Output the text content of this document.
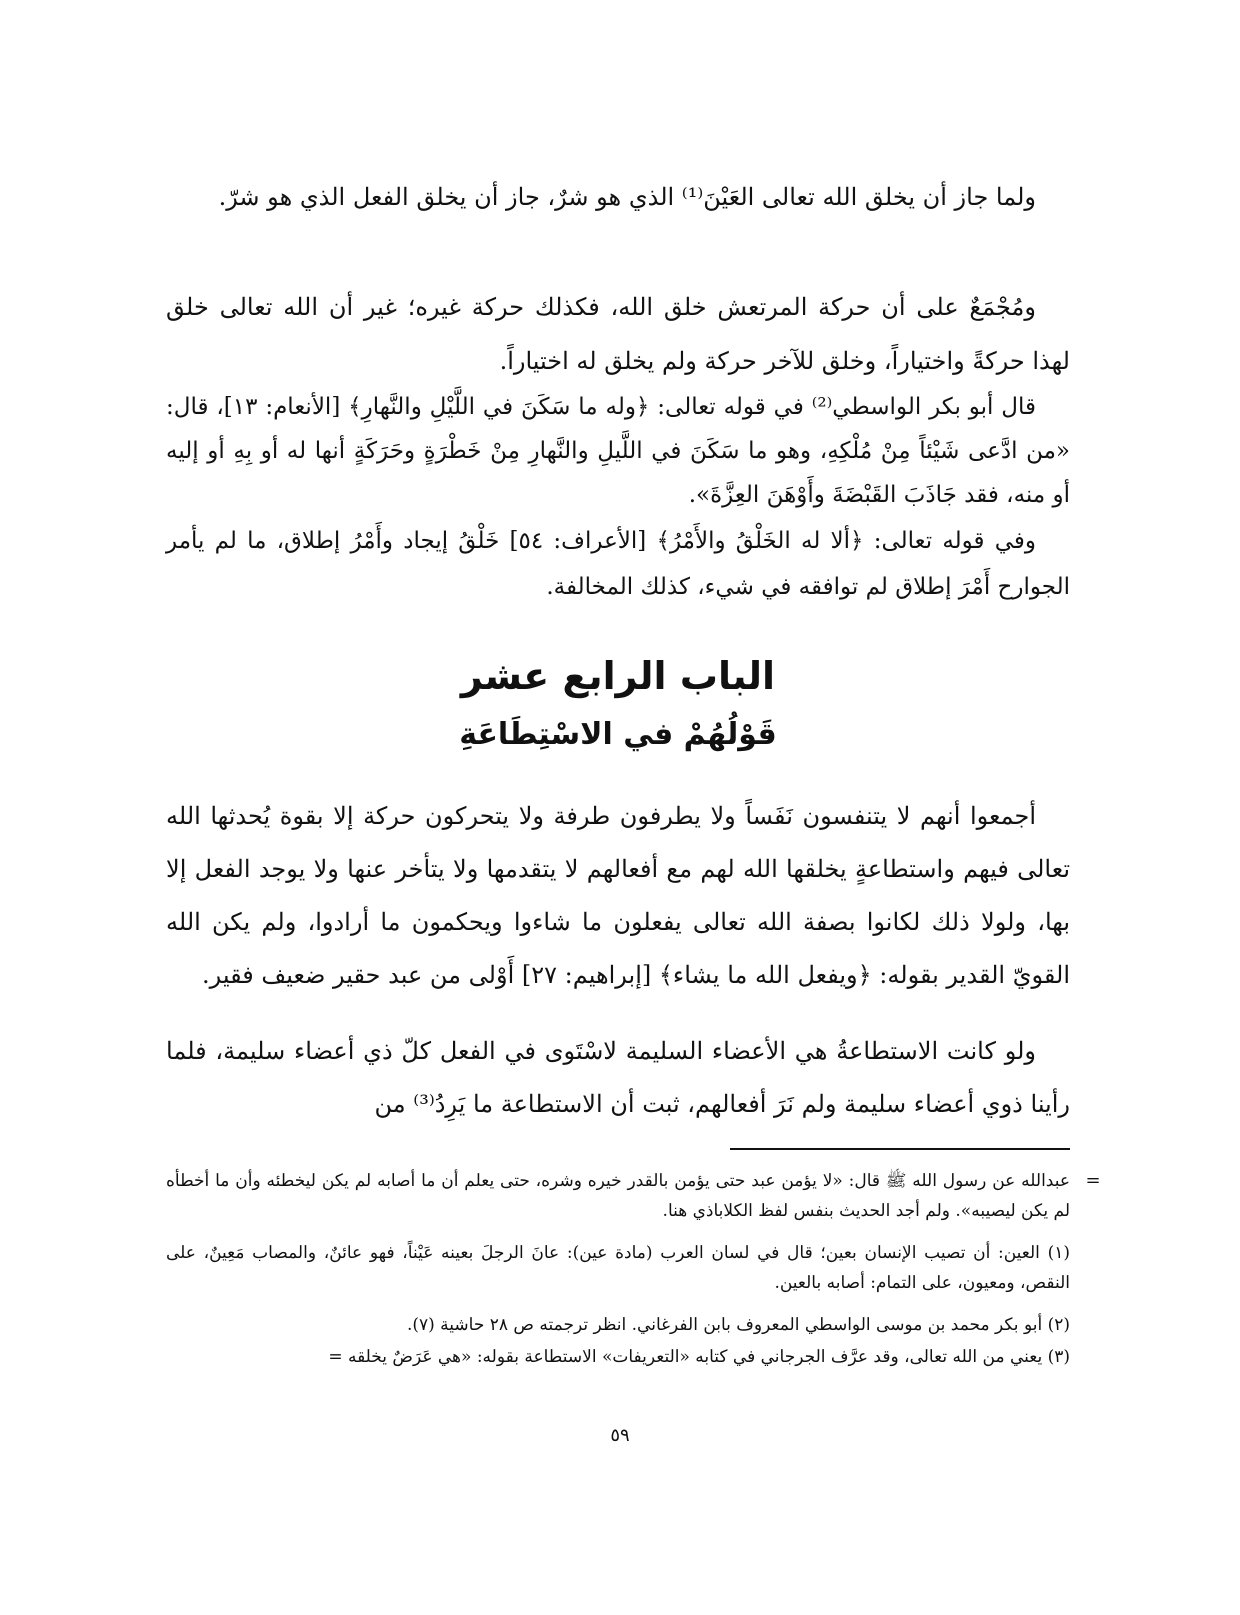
ولما جاز أن يخلق الله تعالى العَيْنَ⁽¹⁾ الذي هو شرٌ، جاز أن يخلق الفعل الذي هو شرّ.
ومُجْمَعٌ على أن حركة المرتعش خلق الله، فكذلك حركة غيره؛ غير أن الله تعالى خلق لهذا حركةً واختياراً، وخلق للآخر حركة ولم يخلق له اختياراً.
قال أبو بكر الواسطي⁽²⁾ في قوله تعالى: ﴿وله ما سَكَنَ في اللَّيْلِ والنَّهارِ﴾ [الأنعام: ١٣]، قال: «من ادَّعى شَيْئاً مِنْ مُلْكِهِ، وهو ما سَكَنَ في اللَّيلِ والنَّهارِ مِنْ خَطْرَةٍ وحَرَكَةٍ أنها له أو بِهِ أو إليه أو منه، فقد جَاذَبَ القَبْضَةَ وأَوْهَنَ العِزَّةَ».
وفي قوله تعالى: ﴿ألا له الخَلْقُ والأَمْرُ﴾ [الأعراف: ٥٤] خَلْقُ إيجاد وأَمْرُ إطلاق، ما لم يأمر الجوارح أَمْرَ إطلاق لم توافقه في شيء، كذلك المخالفة.
الباب الرابع عشر
قَوْلُهُمْ في الاسْتِطَاعَةِ
أجمعوا أنهم لا يتنفسون نَفَساً ولا يطرفون طرفة ولا يتحركون حركة إلا بقوة يُحدثها الله تعالى فيهم واستطاعةٍ يخلقها الله لهم مع أفعالهم لا يتقدمها ولا يتأخر عنها ولا يوجد الفعل إلا بها، ولولا ذلك لكانوا بصفة الله تعالى يفعلون ما شاءوا ويحكمون ما أرادوا، ولم يكن الله القويّ القدير بقوله: ﴿ويفعل الله ما يشاء﴾ [إبراهيم: ٢٧] أَوْلى من عبد حقير ضعيف فقير.
ولو كانت الاستطاعةُ هي الأعضاء السليمة لاسْتَوى في الفعل كلّ ذي أعضاء سليمة، فلما رأينا ذوي أعضاء سليمة ولم نَرَ أفعالهم، ثبت أن الاستطاعة ما يَرِدُ⁽³⁾ من
=
عبدالله عن رسول الله ﷺ قال: «لا يؤمن عبد حتى يؤمن بالقدر خيره وشره، حتى يعلم أن ما أصابه لم يكن ليخطئه وأن ما أخطأه لم يكن ليصيبه». ولم أجد الحديث بنفس لفظ الكلاباذي هنا.
(١) العين: أن تصيب الإنسان بعين؛ قال في لسان العرب (مادة عين): عانَ الرجلَ بعينه عَيْناً، فهو عائنٌ، والمصاب مَعِينٌ، على النقص، ومعيون، على التمام: أصابه بالعين.
(٢) أبو بكر محمد بن موسى الواسطي المعروف بابن الفرغاني. انظر ترجمته ص ٢٨ حاشية (٧).
(٣) يعني من الله تعالى، وقد عرَّف الجرجاني في كتابه «التعريفات» الاستطاعة بقوله: «هي عَرَضٌ يخلقه =
٥٩
